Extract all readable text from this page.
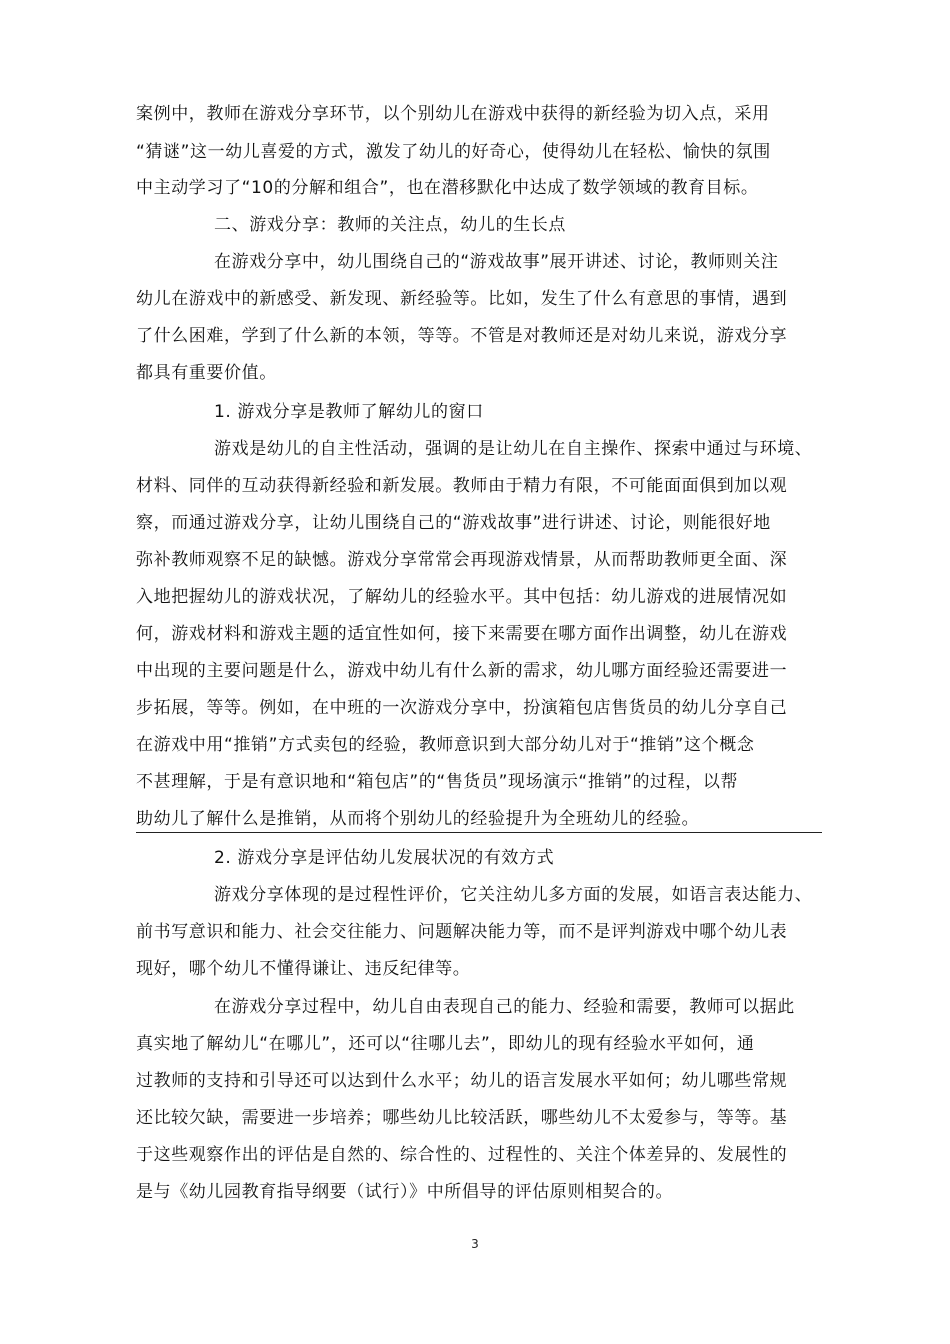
案例中，教师在游戏分享环节，以个别幼儿在游戏中获得的新经验为切入点，采用
“猜谜”这一幼儿喜爱的方式，激发了幼儿的好奇心，使得幼儿在轻松、愉快的氛围
中主动学习了“10的分解和组合”，也在潜移默化中达成了数学领域的教育目标。
二、游戏分享：教师的关注点，幼儿的生长点
在游戏分享中，幼儿围绕自己的“游戏故事”展开讲述、讨论，教师则关注
幼儿在游戏中的新感受、新发现、新经验等。比如，发生了什么有意思的事情，遇到
了什么困难，学到了什么新的本领，等等。不管是对教师还是对幼儿来说，游戏分享
都具有重要价值。
1. 游戏分享是教师了解幼儿的窗口
游戏是幼儿的自主性活动，强调的是让幼儿在自主操作、探索中通过与环境、
材料、同伴的互动获得新经验和新发展。教师由于精力有限，不可能面面俱到加以观
察，而通过游戏分享，让幼儿围绕自己的“游戏故事”进行讲述、讨论，则能很好地
弥补教师观察不足的缺憾。游戏分享常常会再现游戏情景，从而帮助教师更全面、深
入地把握幼儿的游戏状况，了解幼儿的经验水平。其中包括：幼儿游戏的进展情况如
何，游戏材料和游戏主题的适宜性如何，接下来需要在哪方面作出调整，幼儿在游戏
中出现的主要问题是什么，游戏中幼儿有什么新的需求，幼儿哪方面经验还需要进一
步拓展，等等。例如，在中班的一次游戏分享中，扮演箱包店售货员的幼儿分享自己
在游戏中用“推销”方式卖包的经验，教师意识到大部分幼儿对于“推销”这个概念
不甚理解，于是有意识地和“箱包店”的“售货员”现场演示“推销”的过程，以帮
助幼儿了解什么是推销，从而将个别幼儿的经验提升为全班幼儿的经验。
2. 游戏分享是评估幼儿发展状况的有效方式
游戏分享体现的是过程性评价，它关注幼儿多方面的发展，如语言表达能力、
前书写意识和能力、社会交往能力、问题解决能力等，而不是评判游戏中哪个幼儿表
现好，哪个幼儿不懂得谦让、违反纪律等。
在游戏分享过程中，幼儿自由表现自己的能力、经验和需要，教师可以据此
真实地了解幼儿“在哪儿”，还可以“往哪儿去”，即幼儿的现有经验水平如何，通
过教师的支持和引导还可以达到什么水平；幼儿的语言发展水平如何；幼儿哪些常规
还比较欠缺，需要进一步培养；哪些幼儿比较活跃，哪些幼儿不太爱参与，等等。基
于这些观察作出的评估是自然的、综合性的、过程性的、关注个体差异的、发展性的
是与《幼儿园教育指导纲要（试行）》中所倡导的评估原则相契合的。
3
